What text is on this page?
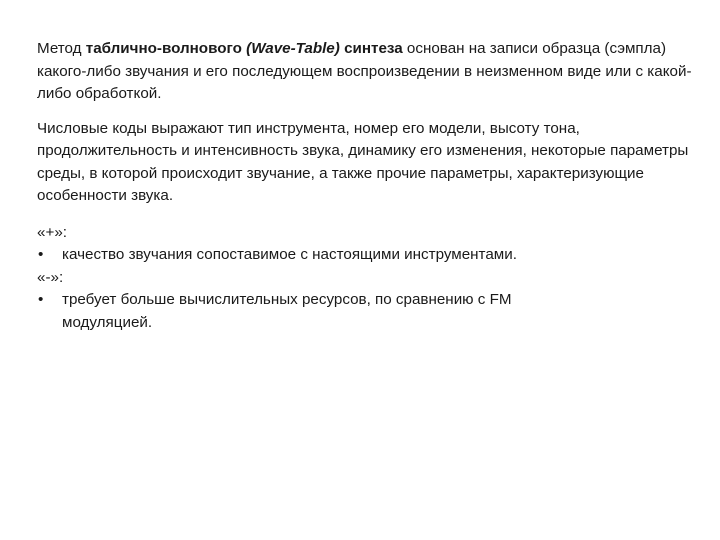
Метод таблично-волнового (Wave-Table) синтеза основан на записи образца (сэмпла) какого-либо звучания и его последующем воспроизведении в неизменном виде или с какой-либо обработкой.

Числовые коды выражают тип инструмента, номер его модели, высоту тона, продолжительность и интенсивность звука, динамику его изменения, некоторые параметры среды, в которой происходит звучание, а также прочие параметры, характеризующие особенности звука.

«+»:

• качество звучания сопоставимое с настоящими инструментами.

«-»:

• требует больше вычислительных ресурсов, по сравнению с FM модуляцией.
